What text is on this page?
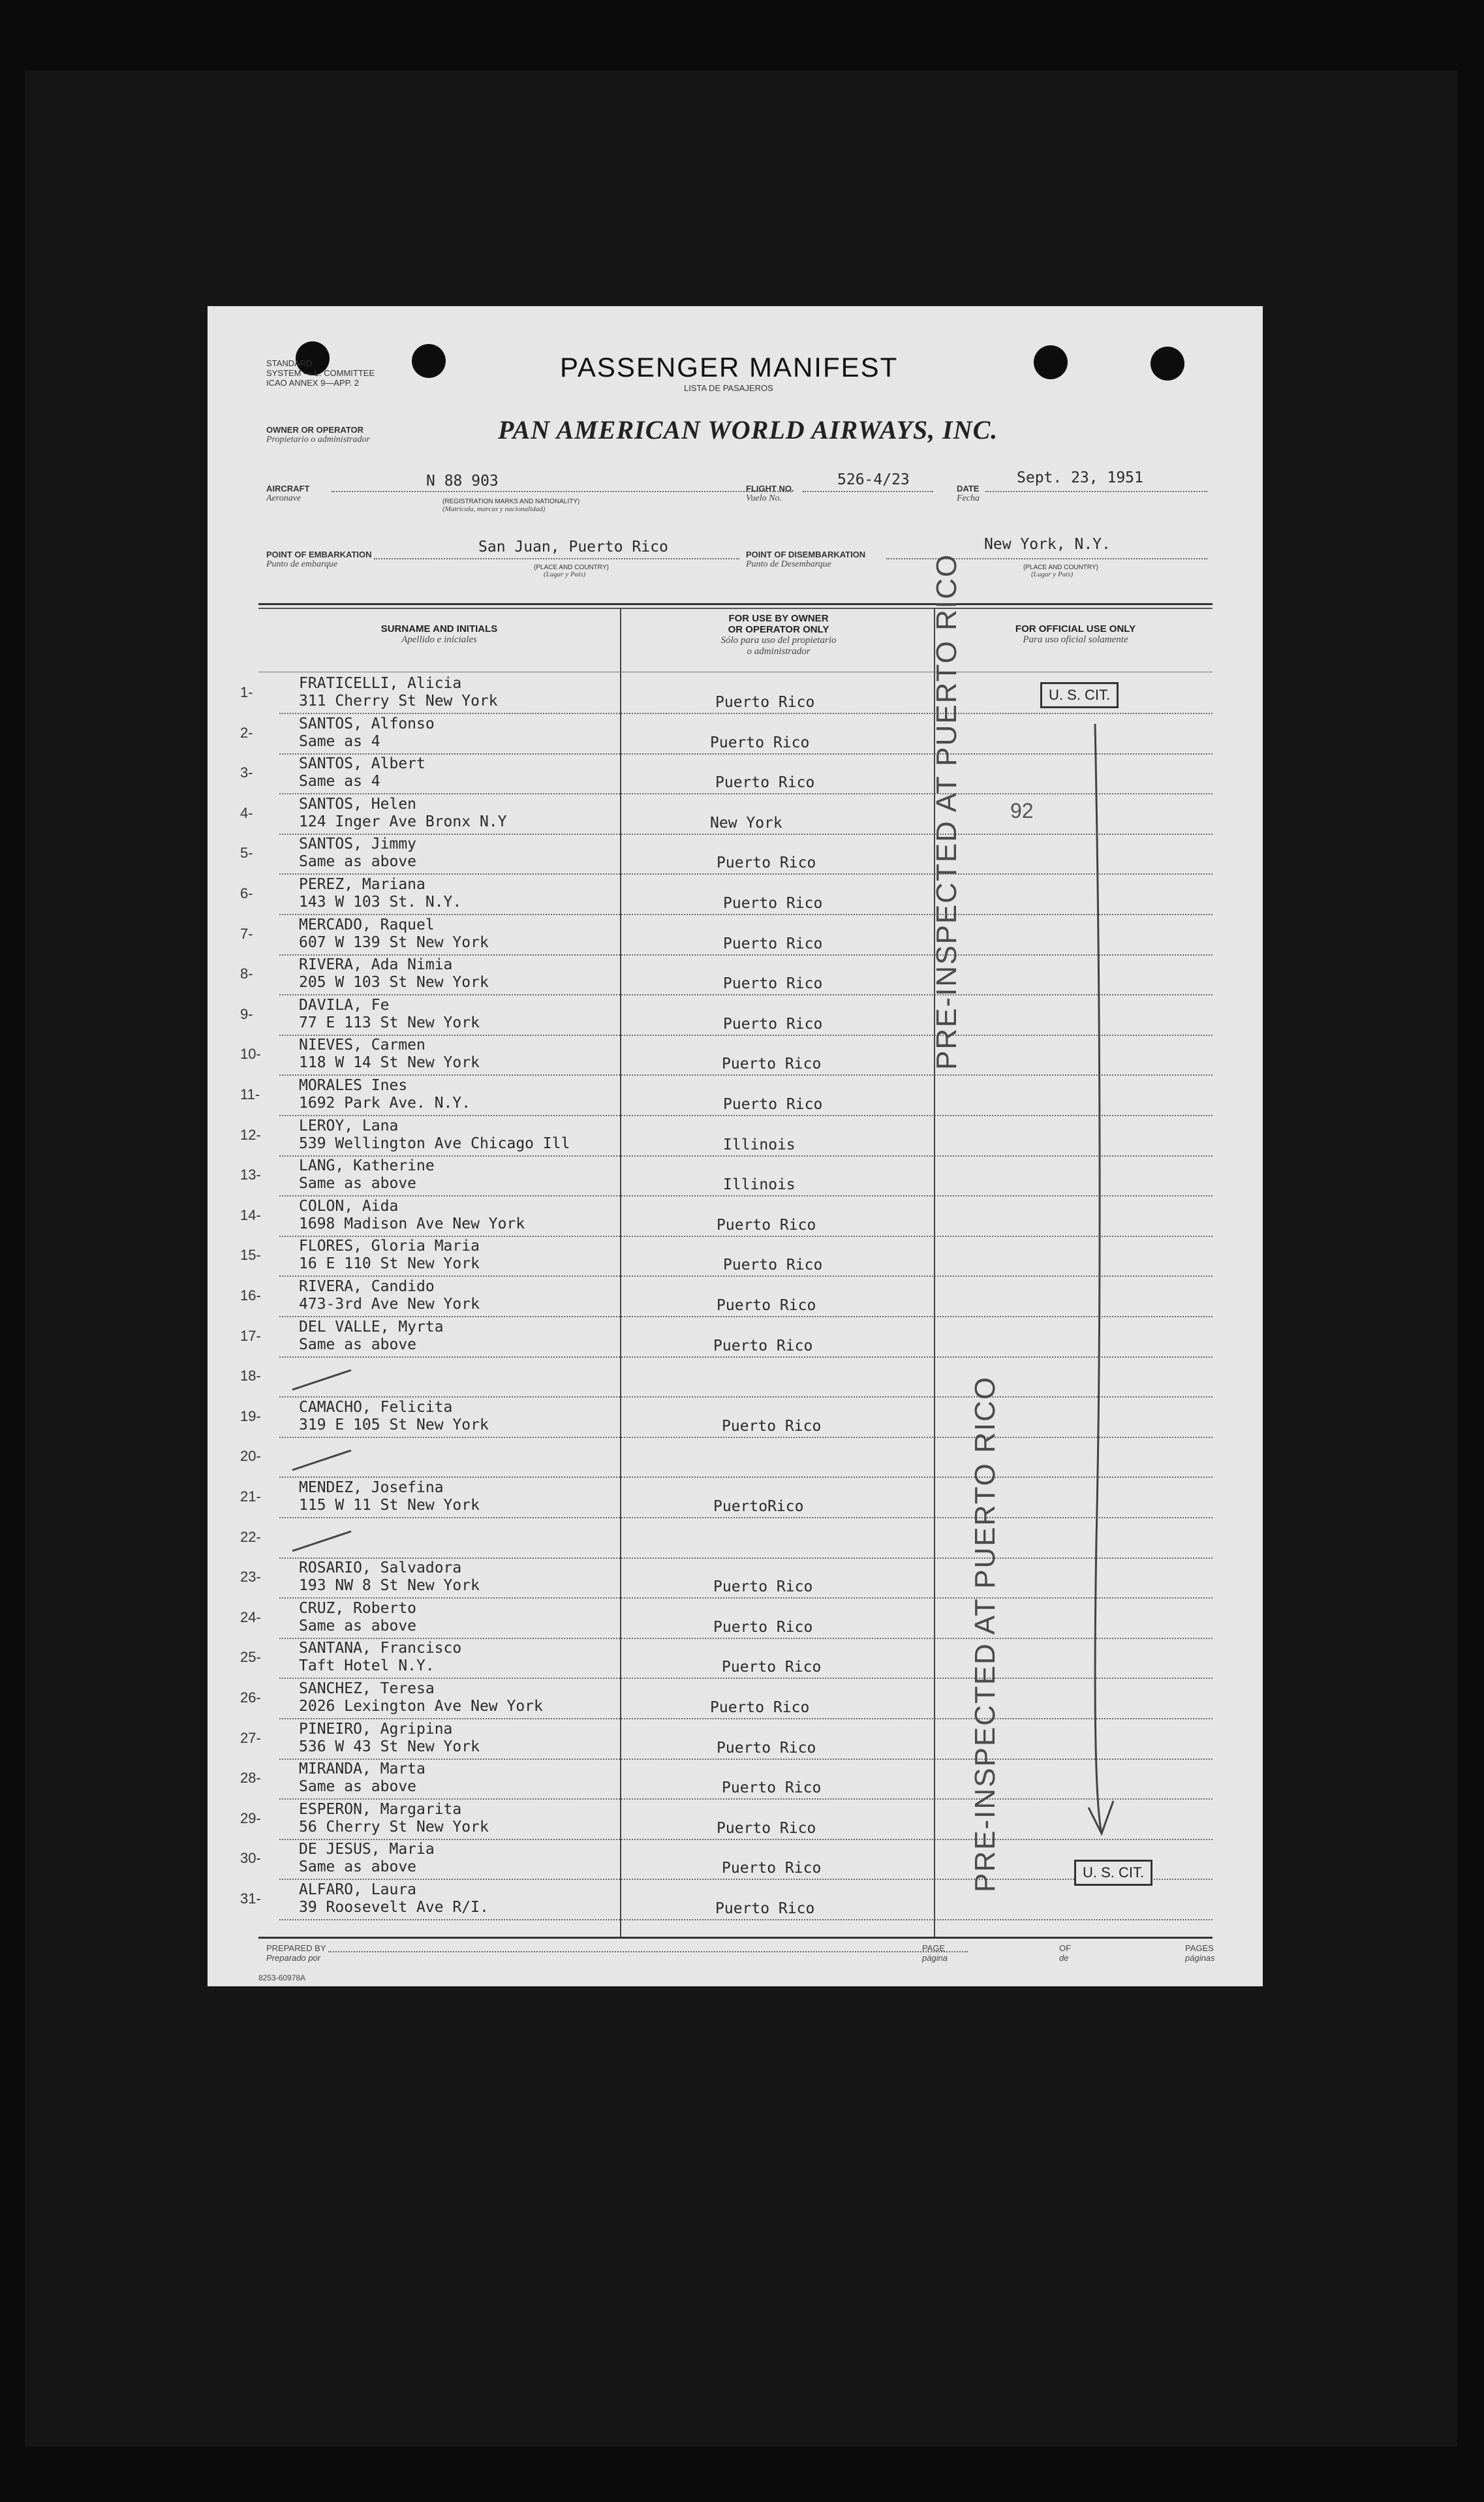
STANDARD
SYSTEM — L. COMMITTEE
ICAO ANNEX 9—APP. 2
PASSENGER MANIFEST
LISTA DE PASAJEROS
OWNER OR OPERATOR
Propietario o administrador	PAN AMERICAN WORLD AIRWAYS, INC.
AIRCRAFT
Aeronave
N 88 903
(REGISTRATION MARKS AND NATIONALITY)
(Matrícula, marcas y nacionalidad)
FLIGHT NO.
Vuelo No.
526-4/23
DATE
Fecha
Sept. 23, 1951
POINT OF EMBARKATION
Punto de embarque
San Juan, Puerto Rico
(PLACE AND COUNTRY)
(Lugar y País)
POINT OF DISEMBARKATION
Punto de Desembarque
New York, N.Y.
(PLACE AND COUNTRY)
(Lugar y País)
SURNAME AND INITIALS
Apellido e iniciales
FOR USE BY OWNER
OR OPERATOR ONLY
Sólo para uso del propietario
o administrador
FOR OFFICIAL USE ONLY
Para uso oficial solamente
1-
FRATICELLI, Alicia
311 Cherry St New York	Puerto Rico
2-
SANTOS, Alfonso
Same as 4	Puerto Rico
3-
SANTOS, Albert
Same as 4	Puerto Rico
4-
SANTOS, Helen
124 Inger Ave Bronx N.Y	New York
5-
SANTOS, Jimmy
Same as above	Puerto Rico
6-
PEREZ, Mariana
143 W 103 St. N.Y.	Puerto Rico
7-
MERCADO, Raquel
607 W 139 St New York	Puerto Rico
8-
RIVERA, Ada Nimia
205 W 103 St New York	Puerto Rico
9-
DAVILA, Fe
77 E 113 St New York	Puerto Rico
10-
NIEVES, Carmen
118 W 14 St New York	Puerto Rico
11-
MORALES Ines
1692 Park Ave. N.Y.	Puerto Rico
12-
LEROY, Lana
539 Wellington Ave Chicago Ill	Illinois
13-
LANG, Katherine
Same as above	Illinois
14-
COLON, Aida
1698 Madison Ave New York	Puerto Rico
15-
FLORES, Gloria Maria
16 E 110 St New York	Puerto Rico
16-
RIVERA, Candido
473-3rd Ave New York	Puerto Rico
17-
DEL VALLE, Myrta
Same as above	Puerto Rico
18-
19-
CAMACHO, Felicita
319 E 105 St New York	Puerto Rico
20-
21-
MENDEZ, Josefina
115 W 11 St New York	PuertoRico
22-
23-
ROSARIO, Salvadora
193 NW 8 St New York	Puerto Rico
24-
CRUZ, Roberto
Same as above	Puerto Rico
25-
SANTANA, Francisco
Taft Hotel N.Y.	Puerto Rico
26-
SANCHEZ, Teresa
2026 Lexington Ave New York	Puerto Rico
27-
PINEIRO, Agripina
536 W 43 St New York	Puerto Rico
28-
MIRANDA, Marta
Same as above	Puerto Rico
29-
ESPERON, Margarita
56 Cherry St New York	Puerto Rico
30-
DE JESUS, Maria
Same as above	Puerto Rico
31-
ALFARO, Laura
39 Roosevelt Ave R/I.	Puerto Rico
PRE-INSPECTED AT PUERTO RICO
PRE-INSPECTED AT PUERTO RICO
U. S. CIT.
U. S. CIT.
92
PREPARED BY
Preparado por
PAGE
página
OF
de
PAGES
páginas
8253-60978A
